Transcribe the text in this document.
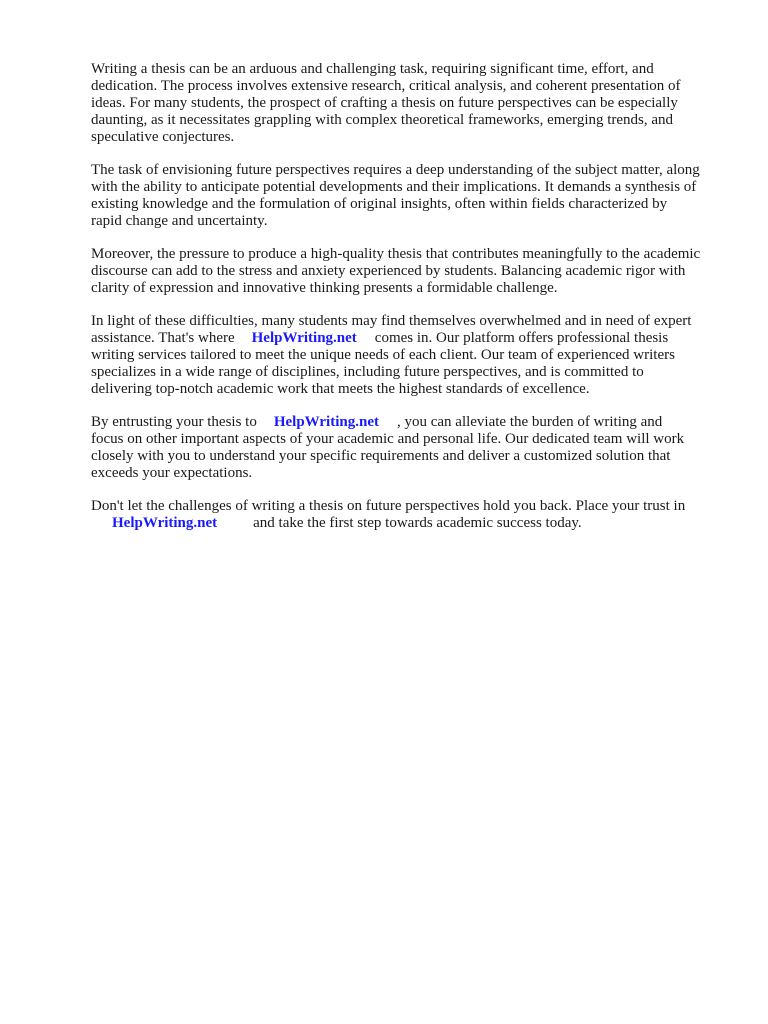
Writing a thesis can be an arduous and challenging task, requiring significant time, effort, and
dedication. The process involves extensive research, critical analysis, and coherent presentation of
ideas. For many students, the prospect of crafting a thesis on future perspectives can be especially
daunting, as it necessitates grappling with complex theoretical frameworks, emerging trends, and
speculative conjectures.

The task of envisioning future perspectives requires a deep understanding of the subject matter, along
with the ability to anticipate potential developments and their implications. It demands a synthesis of
existing knowledge and the formulation of original insights, often within fields characterized by
rapid change and uncertainty.

Moreover, the pressure to produce a high-quality thesis that contributes meaningfully to the academic
discourse can add to the stress and anxiety experienced by students. Balancing academic rigor with
clarity of expression and innovative thinking presents a formidable challenge.

In light of these difficulties, many students may find themselves overwhelmed and in need of expert
assistance. That's where HelpWriting.net comes in. Our platform offers professional thesis
writing services tailored to meet the unique needs of each client. Our team of experienced writers
specializes in a wide range of disciplines, including future perspectives, and is committed to
delivering top-notch academic work that meets the highest standards of excellence.

By entrusting your thesis to HelpWriting.net , you can alleviate the burden of writing and
focus on other important aspects of your academic and personal life. Our dedicated team will work
closely with you to understand your specific requirements and deliver a customized solution that
exceeds your expectations.

Don't let the challenges of writing a thesis on future perspectives hold you back. Place your trust in
HelpWriting.net and take the first step towards academic success today.
